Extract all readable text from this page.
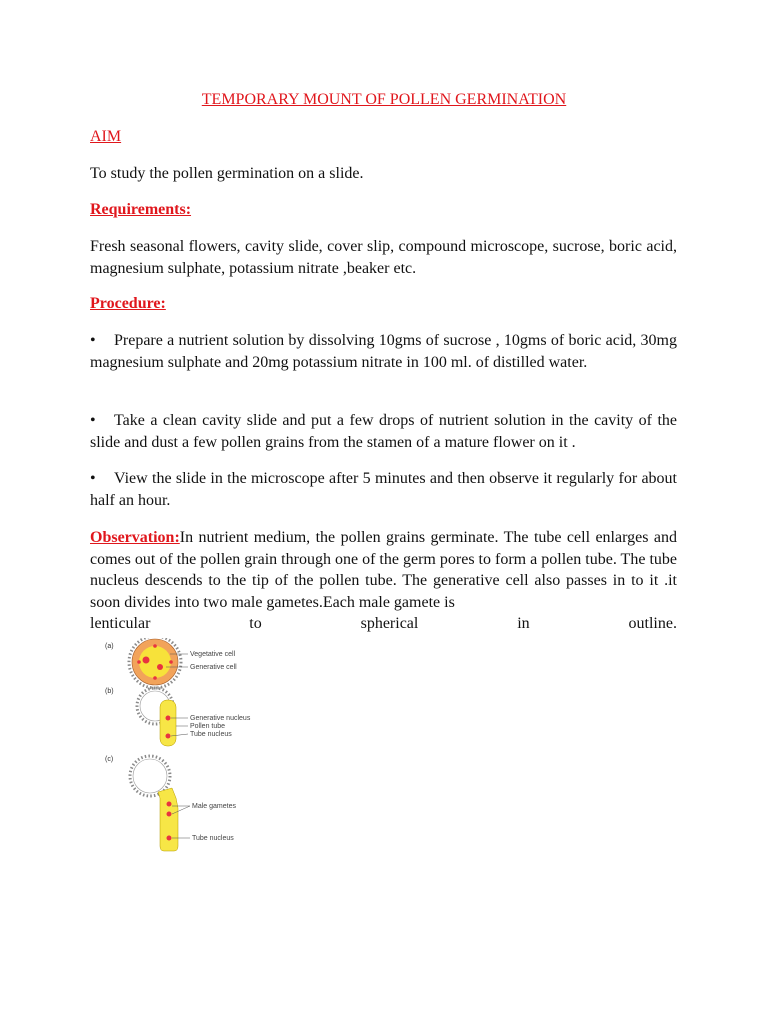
TEMPORARY MOUNT OF POLLEN GERMINATION
AIM
To study the pollen germination on a slide.
Requirements:
Fresh seasonal flowers, cavity slide, cover slip, compound microscope, sucrose, boric acid, magnesium sulphate, potassium nitrate ,beaker etc.
Procedure:
• Prepare a nutrient solution by dissolving 10gms of sucrose , 10gms of boric acid, 30mg magnesium sulphate and 20mg potassium nitrate in 100 ml. of distilled water.
• Take a clean cavity slide and put a few drops of nutrient solution in the cavity of the slide and dust a few pollen grains from the stamen of a mature flower on it .
• View the slide in the microscope after 5 minutes and then observe it regularly for about half an hour.
Observation:In nutrient medium, the pollen grains germinate. The tube cell enlarges and comes out of the pollen grain through one of the germ pores to form a pollen tube. The tube nucleus descends to the tip of the pollen tube. The generative cell also passes in to it .it soon divides into two male gametes.Each male gamete is
lenticular	to	spherical	in	outline.
(a)
Vegetative cell
Generative cell
(b)
Generative nucleus
Pollen tube
Tube nucleus
(c)
Male gametes
Tube nucleus
